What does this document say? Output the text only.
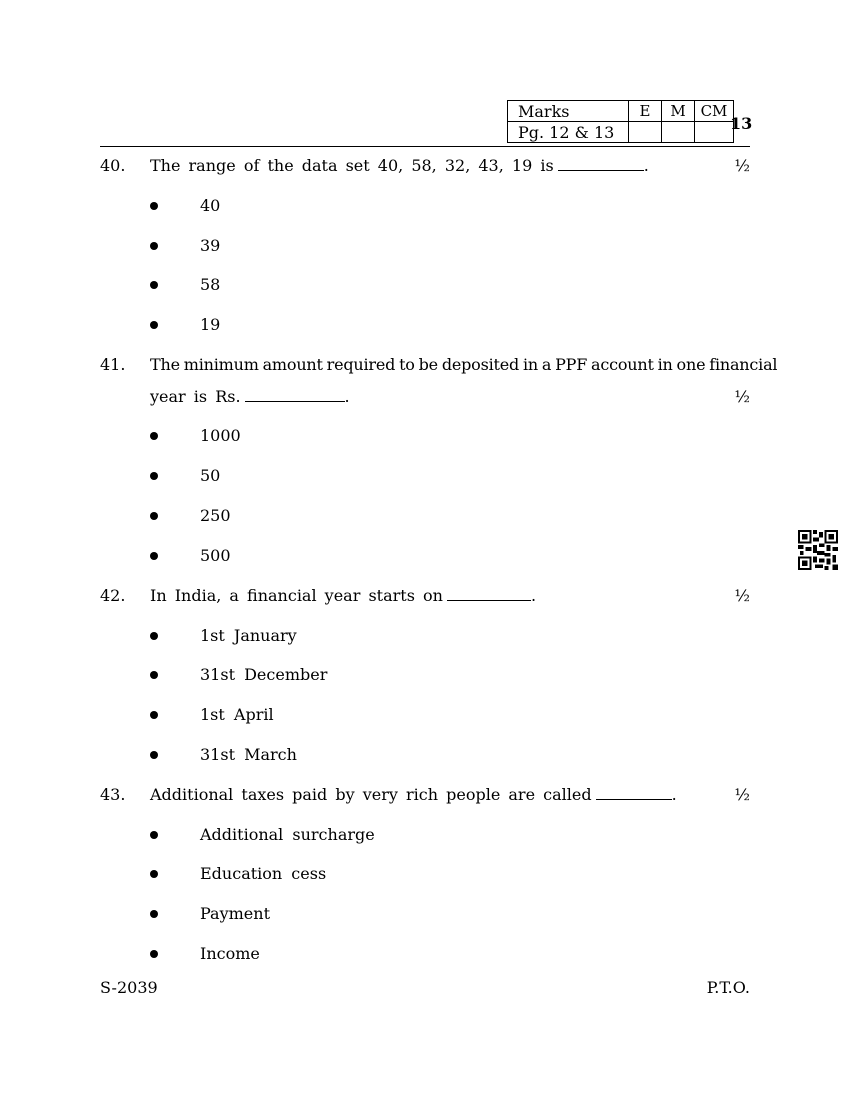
Marks	E	M	CM
Pg. 12 & 13				13
40. The range of the data set 40, 58, 32, 43, 19 is	.	½
40
39
58
19
41. The minimum amount required to be deposited in a PPF account in one financial
year is Rs.	.	½
1000
50
250
500
42. In India, a financial year starts on	.	½
1st January
31st December
1st April
31st March
43. Additional taxes paid by very rich people are called	.	½
Additional surcharge
Education cess
Payment
Income
S-2039	P.T.O.
